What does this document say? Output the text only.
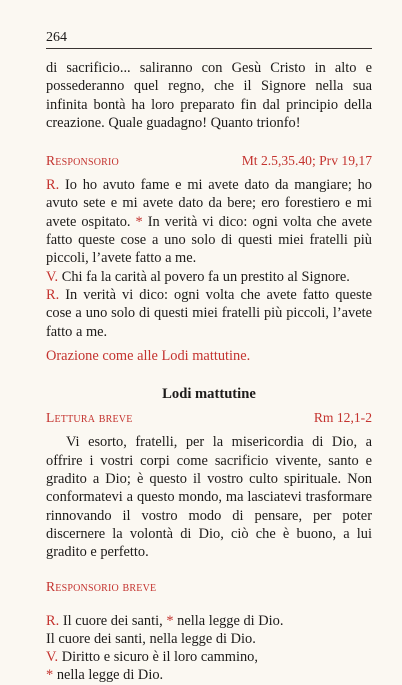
264

di sacrificio... saliranno con Gesù Cristo in alto e possederanno quel regno, che il Signore nella sua infinita bontà ha loro preparato fin dal principio della creazione. Quale guadagno! Quanto trionfo!

Responsorio	Mt 2.5,35.40; Prv 19,17

R. Io ho avuto fame e mi avete dato da mangiare; ho avuto sete e mi avete dato da bere; ero forestiero e mi avete ospitato. * In verità vi dico: ogni volta che avete fatto queste cose a uno solo di questi miei fratelli più piccoli, l’avete fatto a me.

V. Chi fa la carità al povero fa un prestito al Signore.

R. In verità vi dico: ogni volta che avete fatto queste cose a uno solo di questi miei fratelli più piccoli, l’avete fatto a me.

Orazione come alle Lodi mattutine.

Lodi mattutine

Lettura breve	Rm 12,1-2

Vi esorto, fratelli, per la misericordia di Dio, a offrire i vostri corpi come sacrificio vivente, santo e gradito a Dio; è questo il vostro culto spirituale. Non conformatevi a questo mondo, ma lasciatevi trasformare rinnovando il vostro modo di pensare, per poter discernere la volontà di Dio, ciò che è buono, a lui gradito e perfetto.

Responsorio breve

R. Il cuore dei santi, * nella legge di Dio.

Il cuore dei santi, nella legge di Dio.

V. Diritto e sicuro è il loro cammino,

* nella legge di Dio.
